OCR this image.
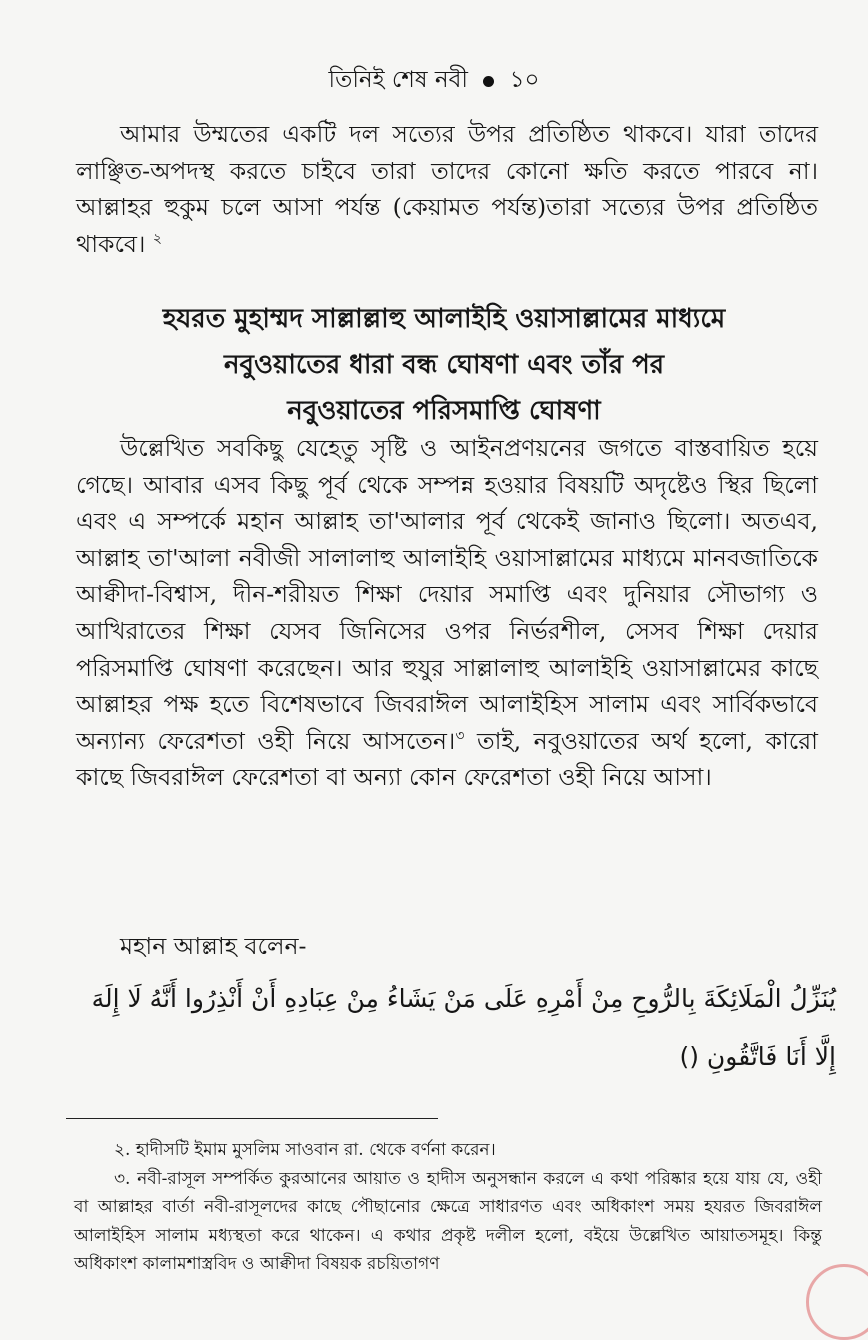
তিনিই শেষ নবী ১০

আমার উম্মতের একটি দল সত্যের উপর প্রতিষ্ঠিত থাকবে। যারা তাদের লাঞ্ছিত-অপদস্থ করতে চাইবে তারা তাদের কোনো ক্ষতি করতে পারবে না। আল্লাহর হুকুম চলে আসা পর্যন্ত (কেয়ামত পর্যন্ত)তারা সত্যের উপর প্রতিষ্ঠিত থাকবে। $^২$

হযরত মুহাম্মদ সাল্লাল্লাহু আলাইহি ওয়াসাল্লামের মাধ্যমে
নবুওয়াতের ধারা বন্ধ ঘোষণা এবং তাঁর পর
নবুওয়াতের পরিসমাপ্তি ঘোষণা

উল্লেখিত সবকিছু যেহেতু সৃষ্টি ও আইনপ্রণয়নের জগতে বাস্তবায়িত হয়ে গেছে। আবার এসব কিছু পূর্ব থেকে সম্পন্ন হওয়ার বিষয়টি অদৃষ্টেও স্থির ছিলো এবং এ সম্পর্কে মহান আল্লাহ তা'আলার পূর্ব থেকেই জানাও ছিলো। অতএব, আল্লাহ তা'আলা নবীজী সালালাহু আলাইহি ওয়াসাল্লামের মাধ্যমে মানবজাতিকে আক্বীদা-বিশ্বাস, দীন-শরীয়ত শিক্ষা দেয়ার সমাপ্তি এবং দুনিয়ার সৌভাগ্য ও আখিরাতের শিক্ষা যেসব জিনিসের ওপর নির্ভরশীল, সেসব শিক্ষা দেয়ার পরিসমাপ্তি ঘোষণা করেছেন। আর হুযুর সাল্লালাহু আলাইহি ওয়াসাল্লামের কাছে আল্লাহর পক্ষ হতে বিশেষভাবে জিবরাঈল আলাইহিস সালাম এবং সার্বিকভাবে অন্যান্য ফেরেশতা ওহী নিয়ে আসতেন।$^৩$ তাই, নবুওয়াতের অর্থ হলো, কারো কাছে জিবরাঈল ফেরেশতা বা অন্যা কোন ফেরেশতা ওহী নিয়ে আসা।

মহান আল্লাহ বলেন-
يُنَزِّلُ الْمَلَائِكَةَ بِالرُّوحِ مِنْ أَمْرِهِ عَلَى مَنْ يَشَاءُ مِنْ عِبَادِهِ أَنْ أَنْذِرُوا أَنَّهُ لَا إِلَهَ إِلَّا أَنَا فَاتَّقُونِ ()

২. হাদীসটি ইমাম মুসলিম সাওবান রা. থেকে বর্ণনা করেন।

৩. নবী-রাসূল সম্পর্কিত কুরআনের আয়াত ও হাদীস অনুসন্ধান করলে এ কথা পরিষ্কার হয়ে যায় যে, ওহী বা আল্লাহর বার্তা নবী-রাসূলদের কাছে পৌছানোর ক্ষেত্রে সাধারণত এবং অধিকাংশ সময় হযরত জিবরাঈল আলাইহিস সালাম মধ্যস্থতা করে থাকেন। এ কথার প্রকৃষ্ট দলীল হলো, বইয়ে উল্লেখিত আয়াতসমূহ। কিন্তু অধিকাংশ কালামশাস্ত্রবিদ ও আক্বীদা বিষয়ক রচয়িতাগণ
